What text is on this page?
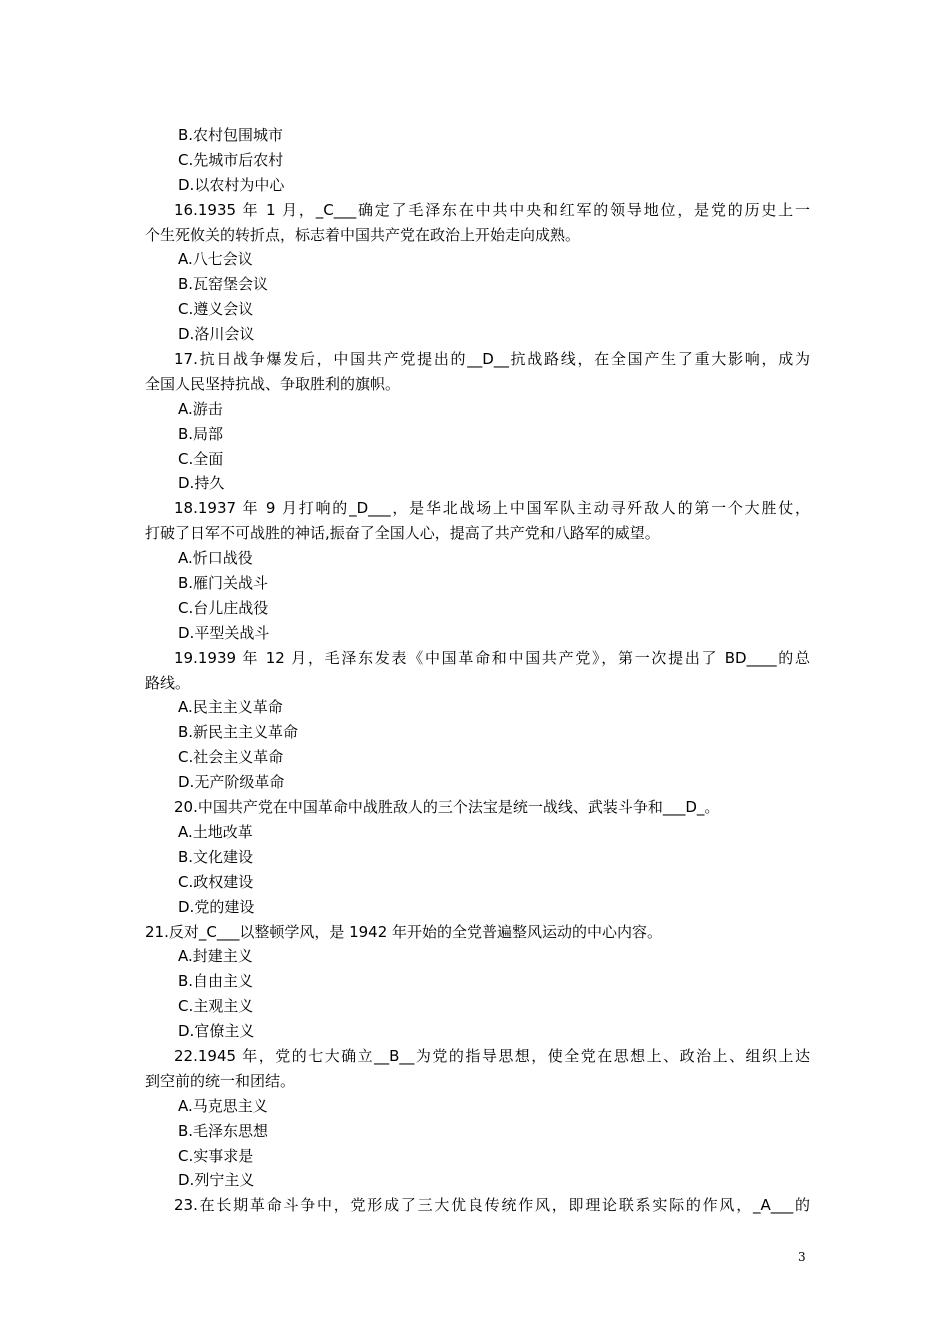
B.农村包围城市
C.先城市后农村
D.以农村为中心
16.1935 年 1 月，_C___确定了毛泽东在中共中央和红军的领导地位，是党的历史上一
个生死攸关的转折点，标志着中国共产党在政治上开始走向成熟。
A.八七会议
B.瓦窑堡会议
C.遵义会议
D.洛川会议
17.抗日战争爆发后，中国共产党提出的__D__抗战路线，在全国产生了重大影响，成为
全国人民坚持抗战、争取胜利的旗帜。
A.游击
B.局部
C.全面
D.持久
18.1937 年 9 月打响的_D___，是华北战场上中国军队主动寻歼敌人的第一个大胜仗，
打破了日军不可战胜的神话,振奋了全国人心，提高了共产党和八路军的威望。
A.忻口战役
B.雁门关战斗
C.台儿庄战役
D.平型关战斗
19.1939 年 12 月，毛泽东发表《中国革命和中国共产党》，第一次提出了 BD____的总
路线。
A.民主主义革命
B.新民主主义革命
C.社会主义革命
D.无产阶级革命
20.中国共产党在中国革命中战胜敌人的三个法宝是统一战线、武装斗争和___D_。
A.土地改革
B.文化建设
C.政权建设
D.党的建设
21.反对_C___以整顿学风，是 1942 年开始的全党普遍整风运动的中心内容。
A.封建主义
B.自由主义
C.主观主义
D.官僚主义
22.1945 年，党的七大确立__B__为党的指导思想，使全党在思想上、政治上、组织上达
到空前的统一和团结。
A.马克思主义
B.毛泽东思想
C.实事求是
D.列宁主义
23.在长期革命斗争中，党形成了三大优良传统作风，即理论联系实际的作风，_A___的
3
